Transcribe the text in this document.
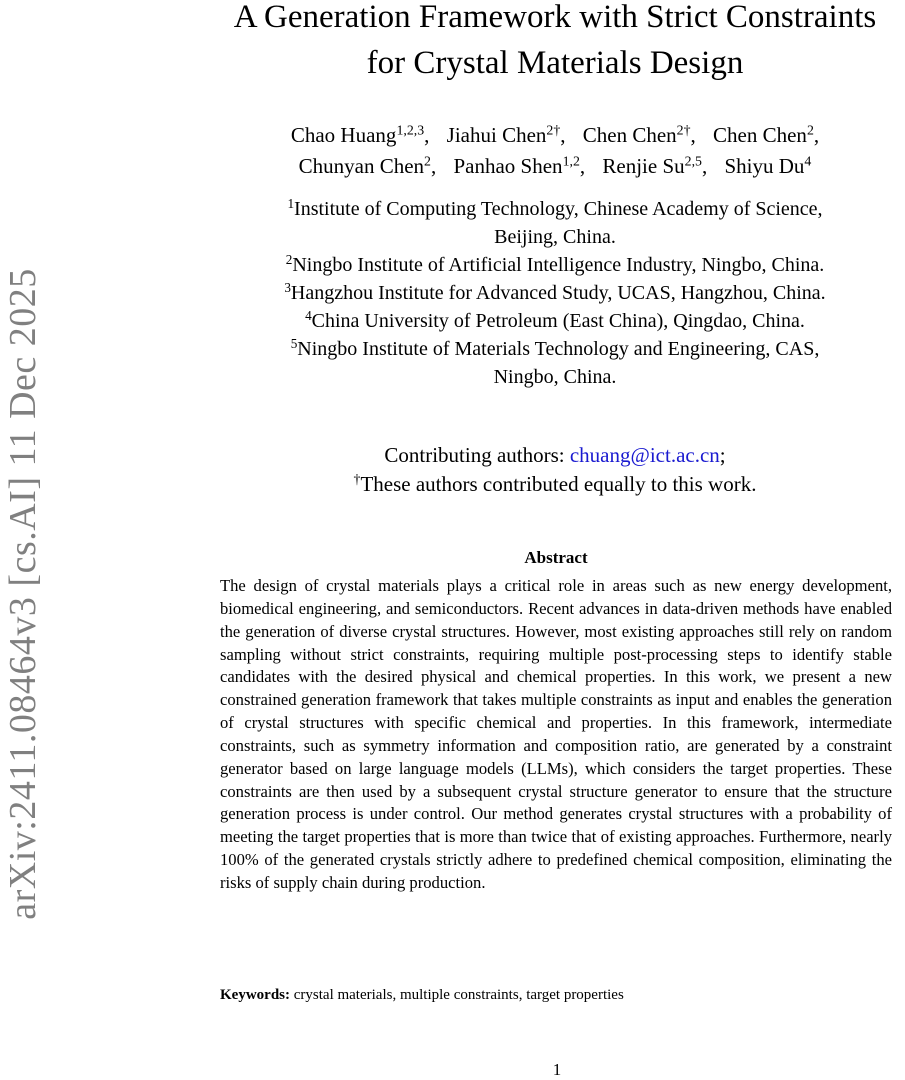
arXiv:2411.08464v3 [cs.AI] 11 Dec 2025
A Generation Framework with Strict Constraints
for Crystal Materials Design
Chao Huang$^{1,2,3}$, Jiahui Chen$^{2\dagger}$, Chen Chen$^{2\dagger}$, Chen Chen$^2$,
Chunyan Chen$^2$, Panhao Shen$^{1,2}$, Renjie Su$^{2,5}$, Shiyu Du$^4$
$^1$Institute of Computing Technology, Chinese Academy of Science,
Beijing, China.
$^2$Ningbo Institute of Artificial Intelligence Industry, Ningbo, China.
$^3$Hangzhou Institute for Advanced Study, UCAS, Hangzhou, China.
$^4$China University of Petroleum (East China), Qingdao, China.
$^5$Ningbo Institute of Materials Technology and Engineering, CAS,
Ningbo, China.
Contributing authors: chuang@ict.ac.cn;
†These authors contributed equally to this work.
Abstract
The design of crystal materials plays a critical role in areas such as new energy development, biomedical engineering, and semiconductors. Recent advances in data-driven methods have enabled the generation of diverse crystal structures. However, most existing approaches still rely on random sampling without strict constraints, requiring multiple post-processing steps to identify stable candidates with the desired physical and chemical properties. In this work, we present a new constrained generation framework that takes multiple constraints as input and enables the generation of crystal structures with specific chemical and properties. In this framework, intermediate constraints, such as symmetry information and composition ratio, are generated by a constraint generator based on large language models (LLMs), which considers the target properties. These constraints are then used by a subsequent crystal structure generator to ensure that the structure generation process is under control. Our method generates crystal structures with a probability of meeting the target properties that is more than twice that of existing approaches. Furthermore, nearly 100% of the generated crystals strictly adhere to predefined chemical composition, eliminating the risks of supply chain during production.
Keywords: crystal materials, multiple constraints, target properties
1
